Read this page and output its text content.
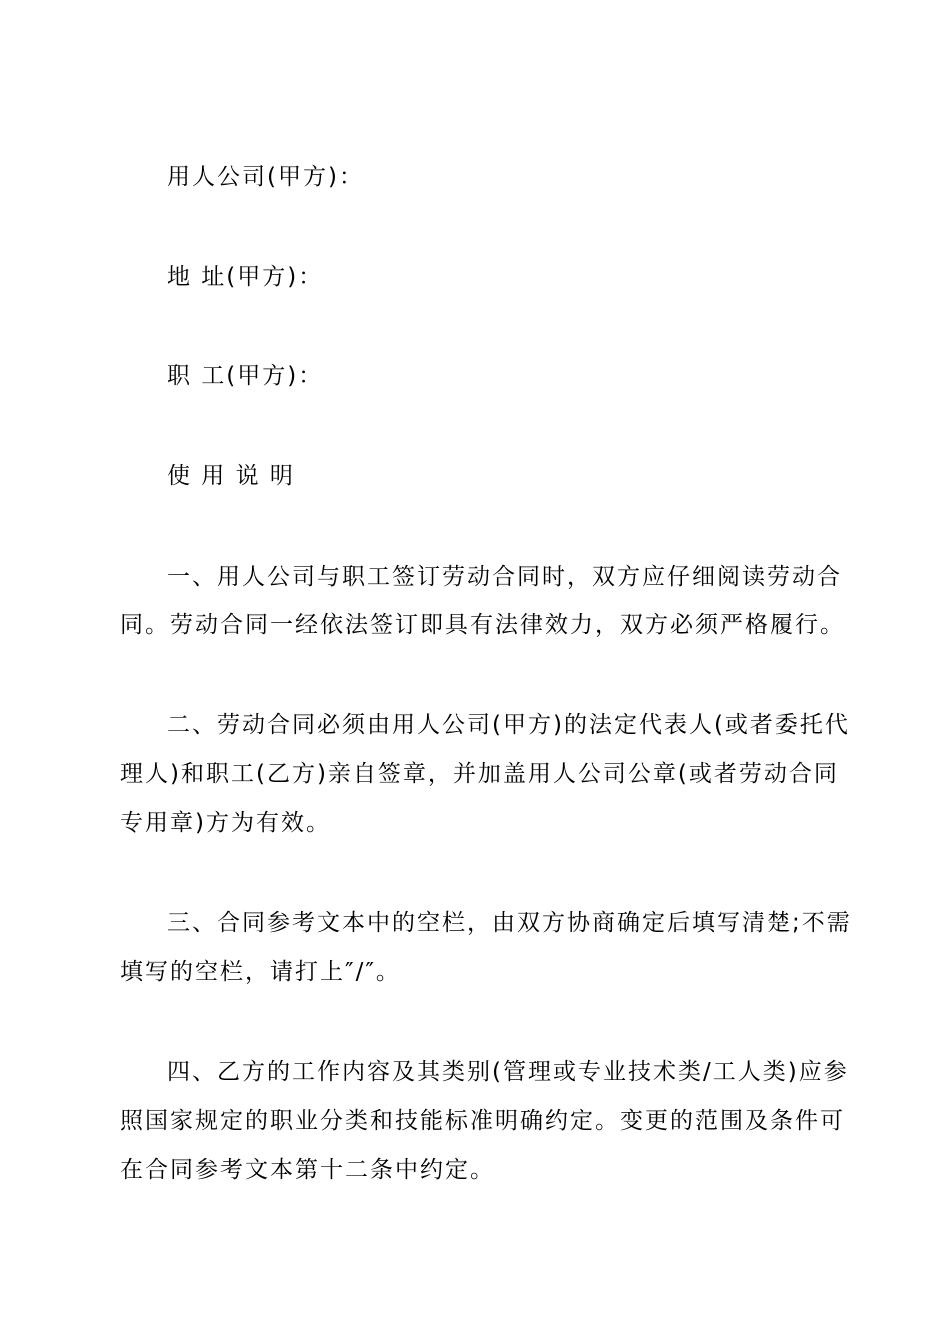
用人公司(甲方)：
地 址(甲方)：
职 工(甲方)：
使 用 说 明
一、用人公司与职工签订劳动合同时，双方应仔细阅读劳动合
同。劳动合同一经依法签订即具有法律效力，双方必须严格履行。
二、劳动合同必须由用人公司(甲方)的法定代表人(或者委托代
理人)和职工(乙方)亲自签章，并加盖用人公司公章(或者劳动合同
专用章)方为有效。
三、合同参考文本中的空栏，由双方协商确定后填写清楚;不需
填写的空栏，请打上″/″。
四、乙方的工作内容及其类别(管理或专业技术类/工人类)应参
照国家规定的职业分类和技能标准明确约定。变更的范围及条件可
在合同参考文本第十二条中约定。
